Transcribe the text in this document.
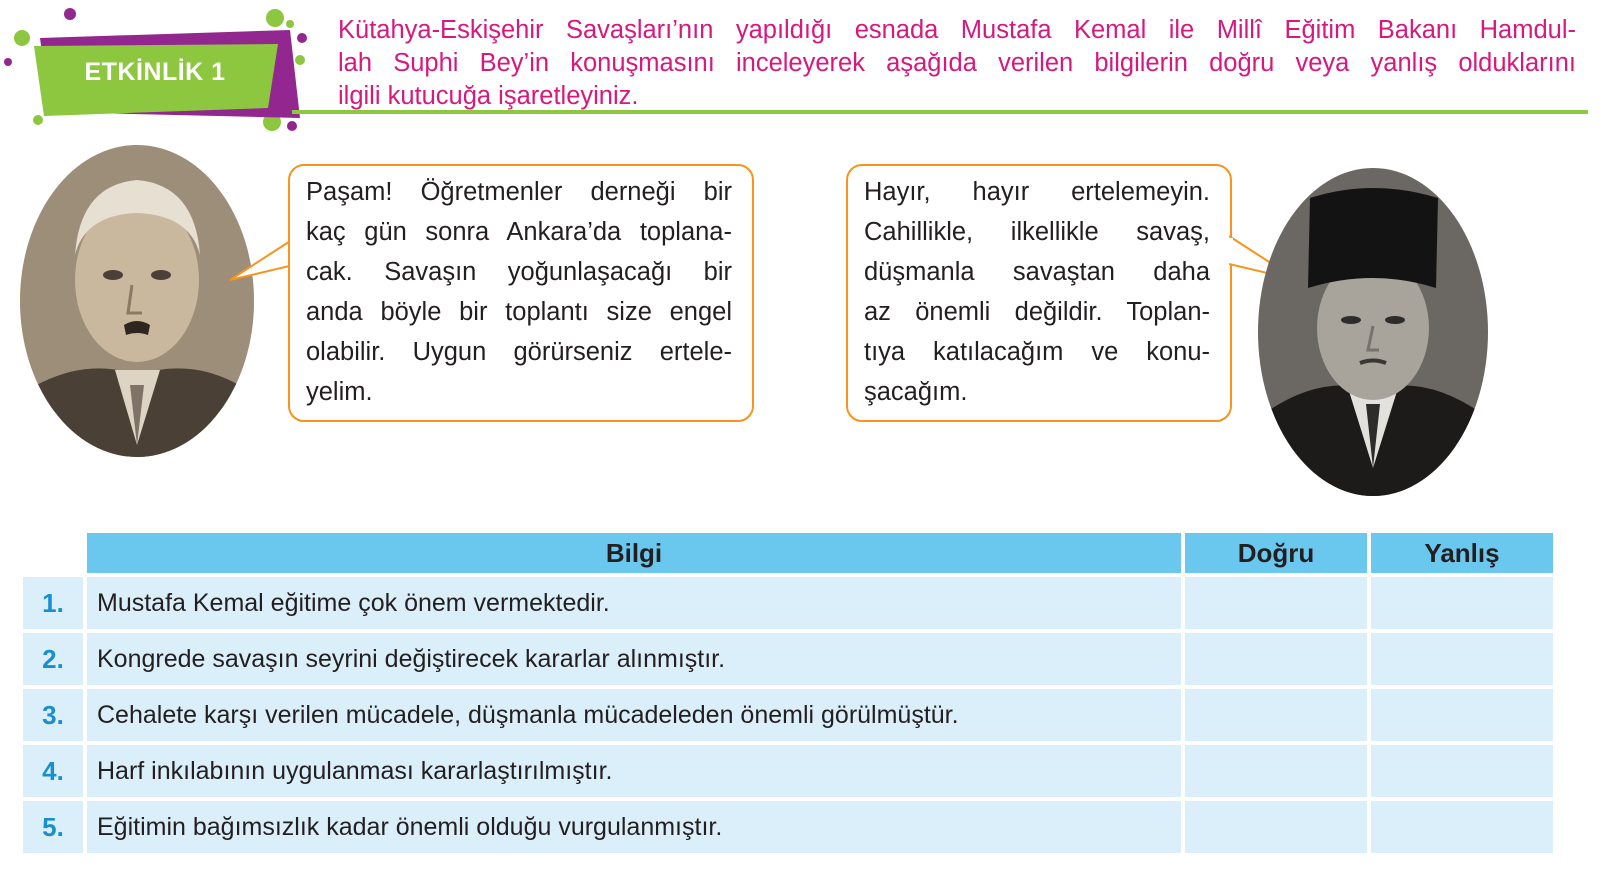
ETKİNLİK 1
Kütahya-Eskişehir Savaşları’nın yapıldığı esnada Mustafa Kemal ile Millî Eğitim Bakanı Hamdul-
lah Suphi Bey’in konuşmasını inceleyerek aşağıda verilen bilgilerin doğru veya yanlış olduklarını
ilgili kutucuğa işaretleyiniz.
Paşam! Öğretmenler derneği bir
kaç gün sonra Ankara’da toplana-
cak. Savaşın yoğunlaşacağı bir
anda böyle bir toplantı size engel
olabilir. Uygun görürseniz ertele-
yelim.
Hayır, hayır ertelemeyin.
Cahillikle, ilkellikle savaş,
düşmanla savaştan daha
az önemli değildir. Toplan-
tıya katılacağım ve konu-
şacağım.
	Bilgi	Doğru	Yanlış
1.	Mustafa Kemal eğitime çok önem vermektedir.		
2.	Kongrede savaşın seyrini değiştirecek kararlar alınmıştır.		
3.	Cehalete karşı verilen mücadele, düşmanla mücadeleden önemli görülmüştür.		
4.	Harf inkılabının uygulanması kararlaştırılmıştır.		
5.	Eğitimin bağımsızlık kadar önemli olduğu vurgulanmıştır.		
